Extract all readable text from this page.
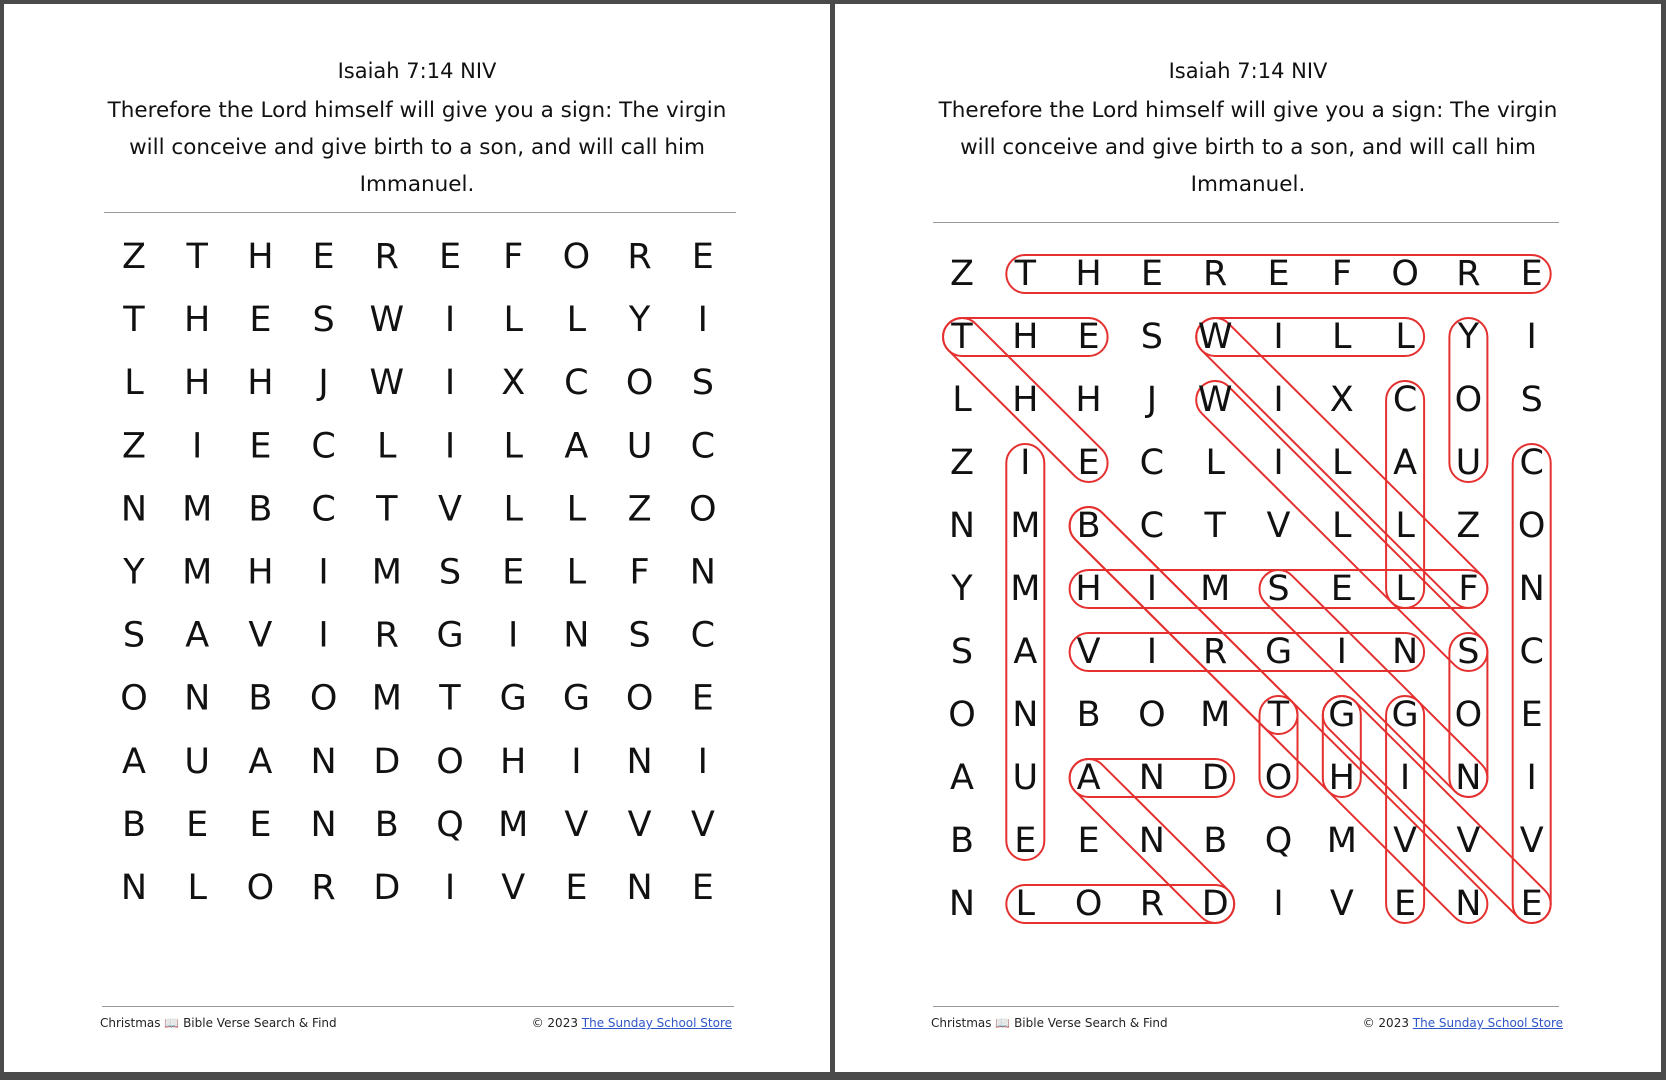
Isaiah 7:14 NIV
Therefore the Lord himself will give you a sign: The virgin will conceive and give birth to a son, and will call him Immanuel.
Z T H E R E F O R E
T H E S W I L L Y I
L H H J W I X C O S
Z I E C L I L A U C
N M B C T V L L Z O
Y M H I M S E L F N
S A V I R G I N S C
O N B O M T G G O E
A U A N D O H I N I
B E E N B Q M V V V
N L O R D I V E N E
Christmas 📖 Bible Verse Search & Find	© 2023 The Sunday School Store
Isaiah 7:14 NIV
Therefore the Lord himself will give you a sign: The virgin will conceive and give birth to a son, and will call him Immanuel.
Z T H E R E F O R E
T H E S W I L L Y I
L H H J W I X C O S
Z I E C L I L A U C
N M B C T V L L Z O
Y M H I M S E L F N
S A V I R G I N S C
O N B O M T G G O E
A U A N D O H I N I
B E E N B Q M V V V
N L O R D I V E N E
Christmas 📖 Bible Verse Search & Find	© 2023 The Sunday School Store
